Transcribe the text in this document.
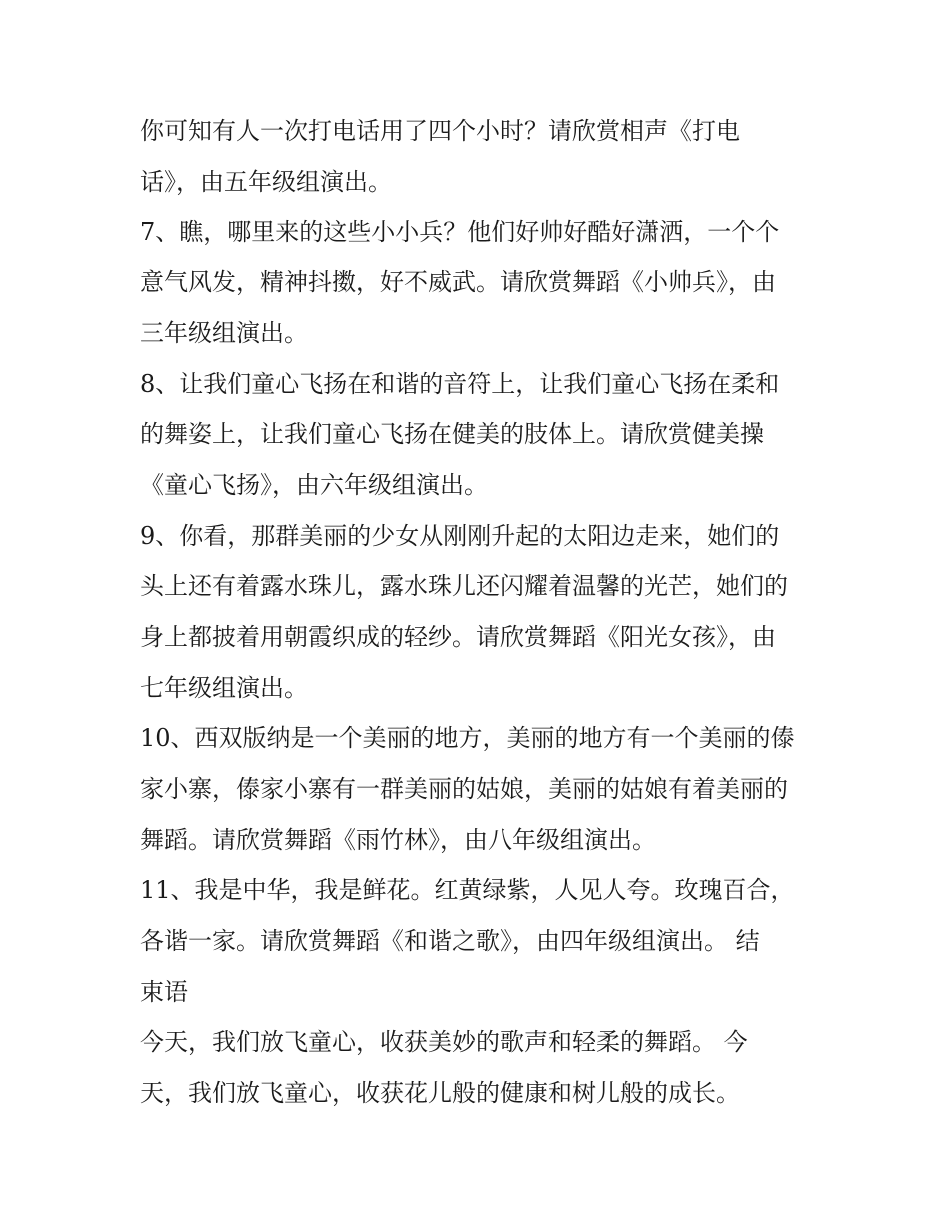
你可知有人一次打电话用了四个小时？请欣赏相声《打电
话》，由五年级组演出。
7、瞧，哪里来的这些小小兵？他们好帅好酷好潇洒，一个个
意气风发，精神抖擞，好不威武。请欣赏舞蹈《小帅兵》，由
三年级组演出。
8、让我们童心飞扬在和谐的音符上，让我们童心飞扬在柔和
的舞姿上，让我们童心飞扬在健美的肢体上。请欣赏健美操
《童心飞扬》，由六年级组演出。
9、你看，那群美丽的少女从刚刚升起的太阳边走来，她们的
头上还有着露水珠儿，露水珠儿还闪耀着温馨的光芒，她们的
身上都披着用朝霞织成的轻纱。请欣赏舞蹈《阳光女孩》，由
七年级组演出。
10、西双版纳是一个美丽的地方，美丽的地方有一个美丽的傣
家小寨，傣家小寨有一群美丽的姑娘，美丽的姑娘有着美丽的
舞蹈。请欣赏舞蹈《雨竹林》，由八年级组演出。
11、我是中华，我是鲜花。红黄绿紫，人见人夸。玫瑰百合，
各谐一家。请欣赏舞蹈《和谐之歌》，由四年级组演出。 结
束语
今天，我们放飞童心，收获美妙的歌声和轻柔的舞蹈。 今
天，我们放飞童心，收获花儿般的健康和树儿般的成长。
